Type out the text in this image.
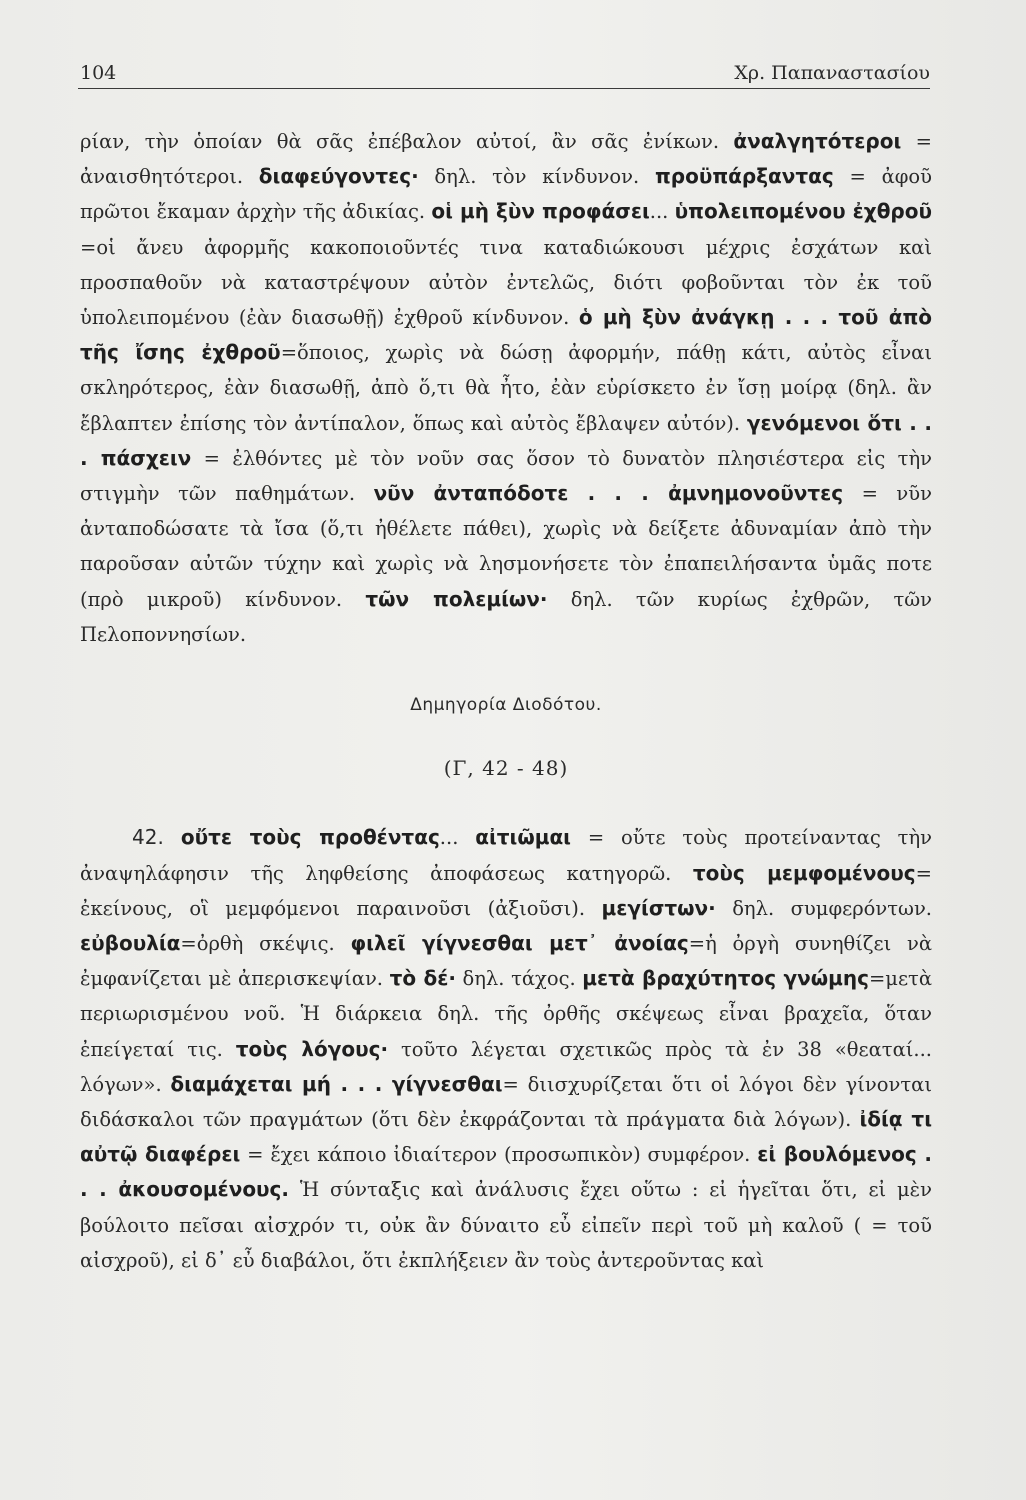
104	Χρ. Παπαναστασίου

ρίαν, τὴν ὁποίαν θὰ σᾶς ἐπέβαλον αὐτοί, ἂν σᾶς ἐνίκων. ἀναλγητότεροι = ἀναισθητότεροι. διαφεύγοντες· δηλ. τὸν κίνδυνον. προϋπάρξαντας = ἀφοῦ πρῶτοι ἔκαμαν ἀρχὴν τῆς ἀδικίας. οἱ μὴ ξὺν προφάσει... ὑπολειπομένου ἐχθροῦ =οἱ ἄνευ ἀφορμῆς κακοποιοῦντές τινα καταδιώκουσι μέχρις ἐσχάτων καὶ προσπαθοῦν νὰ καταστρέψουν αὐτὸν ἐντελῶς, διότι φοβοῦνται τὸν ἐκ τοῦ ὑπολειπομένου (ἐὰν διασωθῇ) ἐχθροῦ κίνδυνον. ὁ μὴ ξὺν ἀνάγκῃ . . . τοῦ ἀπὸ τῆς ἴσης ἐχθροῦ=ὅποιος, χωρὶς νὰ δώσῃ ἀφορμήν, πάθῃ κάτι, αὐτὸς εἶναι σκληρότερος, ἐὰν διασωθῇ, ἀπὸ ὅ,τι θὰ ἦτο, ἐὰν εὑρίσκετο ἐν ἴσῃ μοίρᾳ (δηλ. ἂν ἔβλαπτεν ἐπίσης τὸν ἀντίπαλον, ὅπως καὶ αὐτὸς ἔβλαψεν αὐτόν). γενόμενοι ὅτι . . . πάσχειν = ἐλθόντες μὲ τὸν νοῦν σας ὅσον τὸ δυνατὸν πλησιέστερα εἰς τὴν στιγμὴν τῶν παθημάτων. νῦν ἀνταπόδοτε . . . ἀμνημονοῦντες = νῦν ἀνταποδώσατε τὰ ἴσα (ὅ,τι ἠθέλετε πάθει), χωρὶς νὰ δείξετε ἀδυναμίαν ἀπὸ τὴν παροῦσαν αὐτῶν τύχην καὶ χωρὶς νὰ λησμονήσετε τὸν ἐπαπειλήσαντα ὑμᾶς ποτε (πρὸ μικροῦ) κίνδυνον. τῶν πολεμίων· δηλ. τῶν κυρίως ἐχθρῶν, τῶν Πελοποννησίων.

Δημηγορία Διοδότου.
(Γ, 42 - 48)

42. οὔτε τοὺς προθέντας... αἰτιῶμαι = οὔτε τοὺς προτείναντας τὴν ἀναψηλάφησιν τῆς ληφθείσης ἀποφάσεως κατηγορῶ. τοὺς μεμφομένους= ἐκείνους, οἳ μεμφόμενοι παραινοῦσι (ἀξιοῦσι). μεγίστων· δηλ. συμφερόντων. εὐβουλία=ὀρθὴ σκέψις. φιλεῖ γίγνεσθαι μετ᾽ ἀνοίας=ἡ ὀργὴ συνηθίζει νὰ ἐμφανίζεται μὲ ἀπερισκεψίαν. τὸ δέ· δηλ. τάχος. μετὰ βραχύτητος γνώμης=μετὰ περιωρισμένου νοῦ. Ἡ διάρκεια δηλ. τῆς ὀρθῆς σκέψεως εἶναι βραχεῖα, ὅταν ἐπείγεταί τις. τοὺς λόγους· τοῦτο λέγεται σχετικῶς πρὸς τὰ ἐν 38 «θεαταί... λόγων». διαμάχεται μή . . . γίγνεσθαι= διισχυρίζεται ὅτι οἱ λόγοι δὲν γίνονται διδάσκαλοι τῶν πραγμάτων (ὅτι δὲν ἐκφράζονται τὰ πράγματα διὰ λόγων). ἰδίᾳ τι αὐτῷ διαφέρει = ἔχει κάποιο ἰδιαίτερον (προσωπικὸν) συμφέρον. εἰ βουλόμενος . . . ἀκουσομένους. Ἡ σύνταξις καὶ ἀνάλυσις ἔχει οὕτω : εἰ ἡγεῖται ὅτι, εἰ μὲν βούλοιτο πεῖσαι αἰσχρόν τι, οὐκ ἂν δύναιτο εὖ εἰπεῖν περὶ τοῦ μὴ καλοῦ ( = τοῦ αἰσχροῦ), εἰ δ᾽ εὖ διαβάλοι, ὅτι ἐκπλήξειεν ἂν τοὺς ἀντεροῦντας καὶ
